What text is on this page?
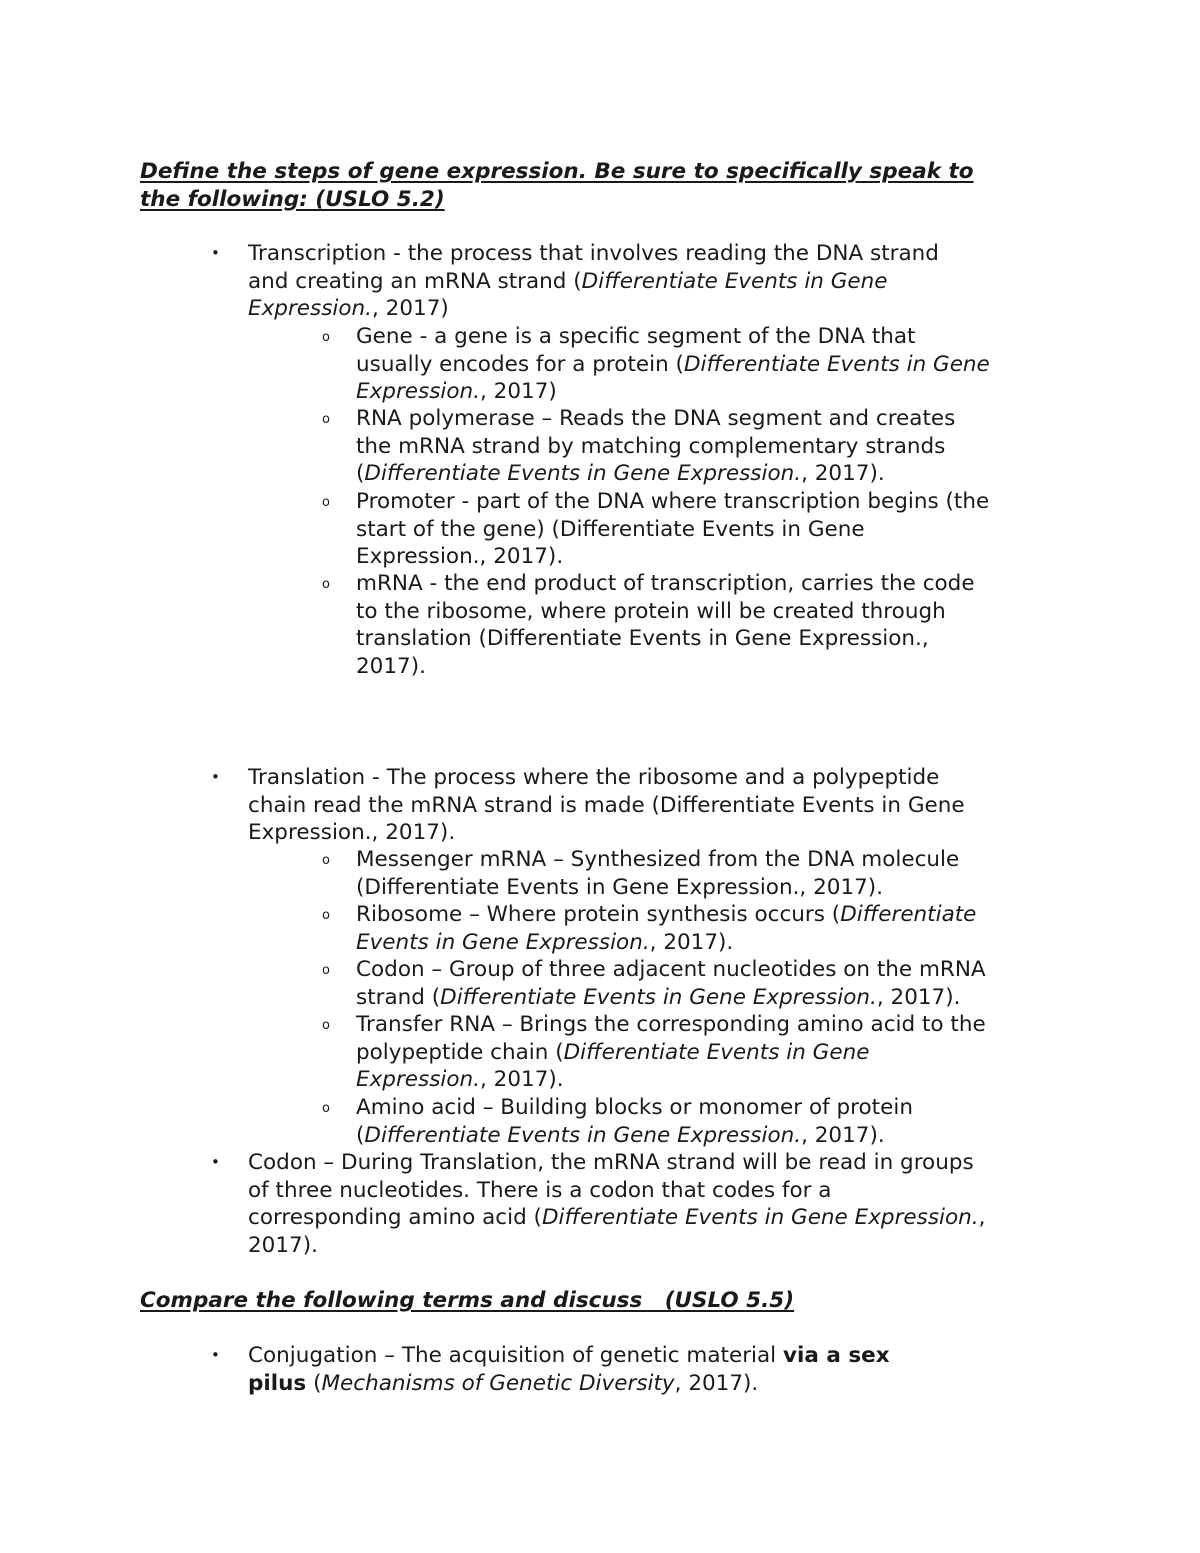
Define the steps of gene expression. Be sure to specifically speak to
the following: (USLO 5.2)
• Transcription - the process that involves reading the DNA strand
and creating an mRNA strand (Differentiate Events in Gene
Expression., 2017)
o Gene - a gene is a specific segment of the DNA that
usually encodes for a protein (Differentiate Events in Gene
Expression., 2017)
o RNA polymerase – Reads the DNA segment and creates
the mRNA strand by matching complementary strands
(Differentiate Events in Gene Expression., 2017).
o Promoter - part of the DNA where transcription begins (the
start of the gene) (Differentiate Events in Gene
Expression., 2017).
o mRNA - the end product of transcription, carries the code
to the ribosome, where protein will be created through
translation (Differentiate Events in Gene Expression.,
2017).
• Translation - The process where the ribosome and a polypeptide
chain read the mRNA strand is made (Differentiate Events in Gene
Expression., 2017).
o Messenger mRNA – Synthesized from the DNA molecule
(Differentiate Events in Gene Expression., 2017).
o Ribosome – Where protein synthesis occurs (Differentiate
Events in Gene Expression., 2017).
o Codon – Group of three adjacent nucleotides on the mRNA
strand (Differentiate Events in Gene Expression., 2017).
o Transfer RNA – Brings the corresponding amino acid to the
polypeptide chain (Differentiate Events in Gene
Expression., 2017).
o Amino acid – Building blocks or monomer of protein
(Differentiate Events in Gene Expression., 2017).
• Codon – During Translation, the mRNA strand will be read in groups
of three nucleotides. There is a codon that codes for a
corresponding amino acid (Differentiate Events in Gene Expression.,
2017).
Compare the following terms and discuss   (USLO 5.5)
• Conjugation – The acquisition of genetic material via a sex
pilus (Mechanisms of Genetic Diversity, 2017).
